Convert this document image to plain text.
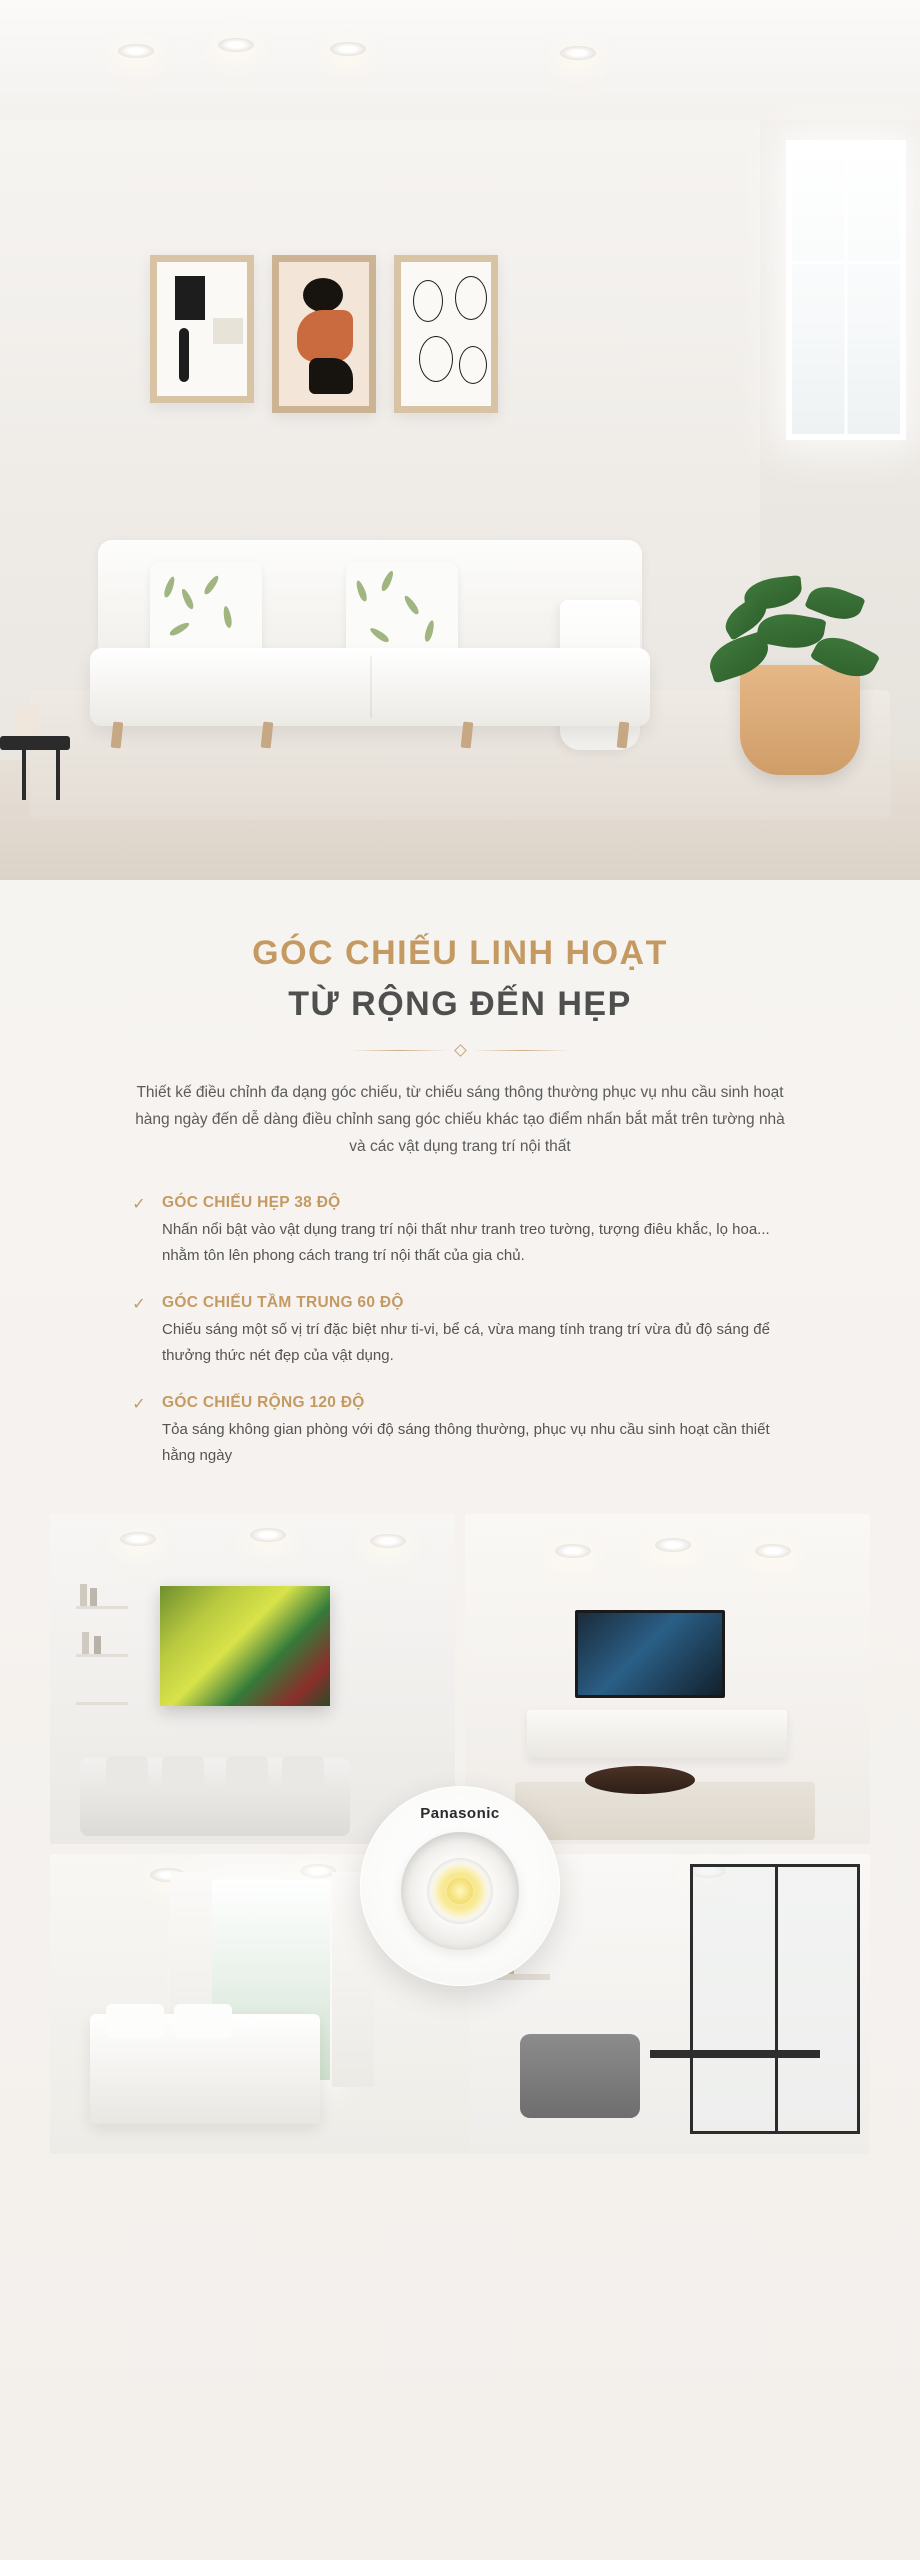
GÓC CHIẾU LINH HOẠT
TỪ RỘNG ĐẾN HẸP
Thiết kế điều chỉnh đa dạng góc chiếu, từ chiếu sáng thông thường phục vụ nhu cầu sinh hoạt hàng ngày đến dễ dàng điều chỉnh sang góc chiếu khác tạo điểm nhấn bắt mắt trên tường nhà và các vật dụng trang trí nội thất
✓ GÓC CHIẾU HẸP 38 ĐỘ
Nhấn nổi bật vào vật dụng trang trí nội thất như tranh treo tường, tượng điêu khắc, lọ hoa... nhằm tôn lên phong cách trang trí nội thất của gia chủ.
✓ GÓC CHIẾU TẦM TRUNG 60 ĐỘ
Chiếu sáng một số vị trí đặc biệt như ti-vi, bể cá, vừa mang tính trang trí vừa đủ độ sáng để thưởng thức nét đẹp của vật dụng.
✓ GÓC CHIẾU RỘNG 120 ĐỘ
Tỏa sáng không gian phòng với độ sáng thông thường, phục vụ nhu cầu sinh hoạt cần thiết hằng ngày
Panasonic
